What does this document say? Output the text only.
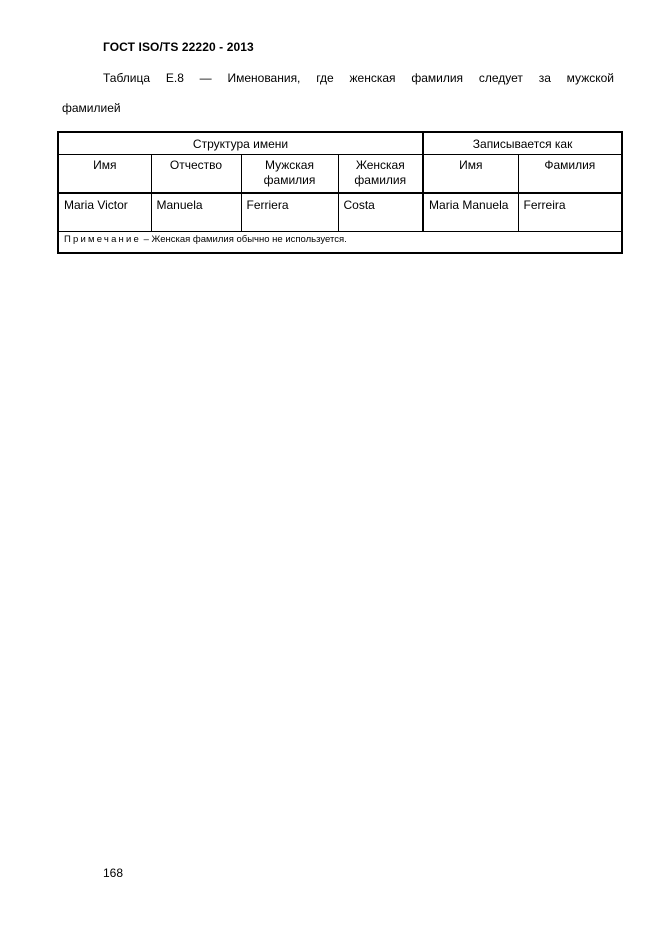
ГОСТ ISO/TS 22220 - 2013
Таблица Е.8 — Именования, где женская фамилия следует за мужской
фамилией
Структура имени				Записывается как	
Имя	Отчество	Мужская фамилия	Женская фамилия	Имя	Фамилия
Maria Victor	Manuela	Ferriera	Costa	Maria Manuela	Ferreira
Примечание – Женская фамилия обычно не используется.					
168
